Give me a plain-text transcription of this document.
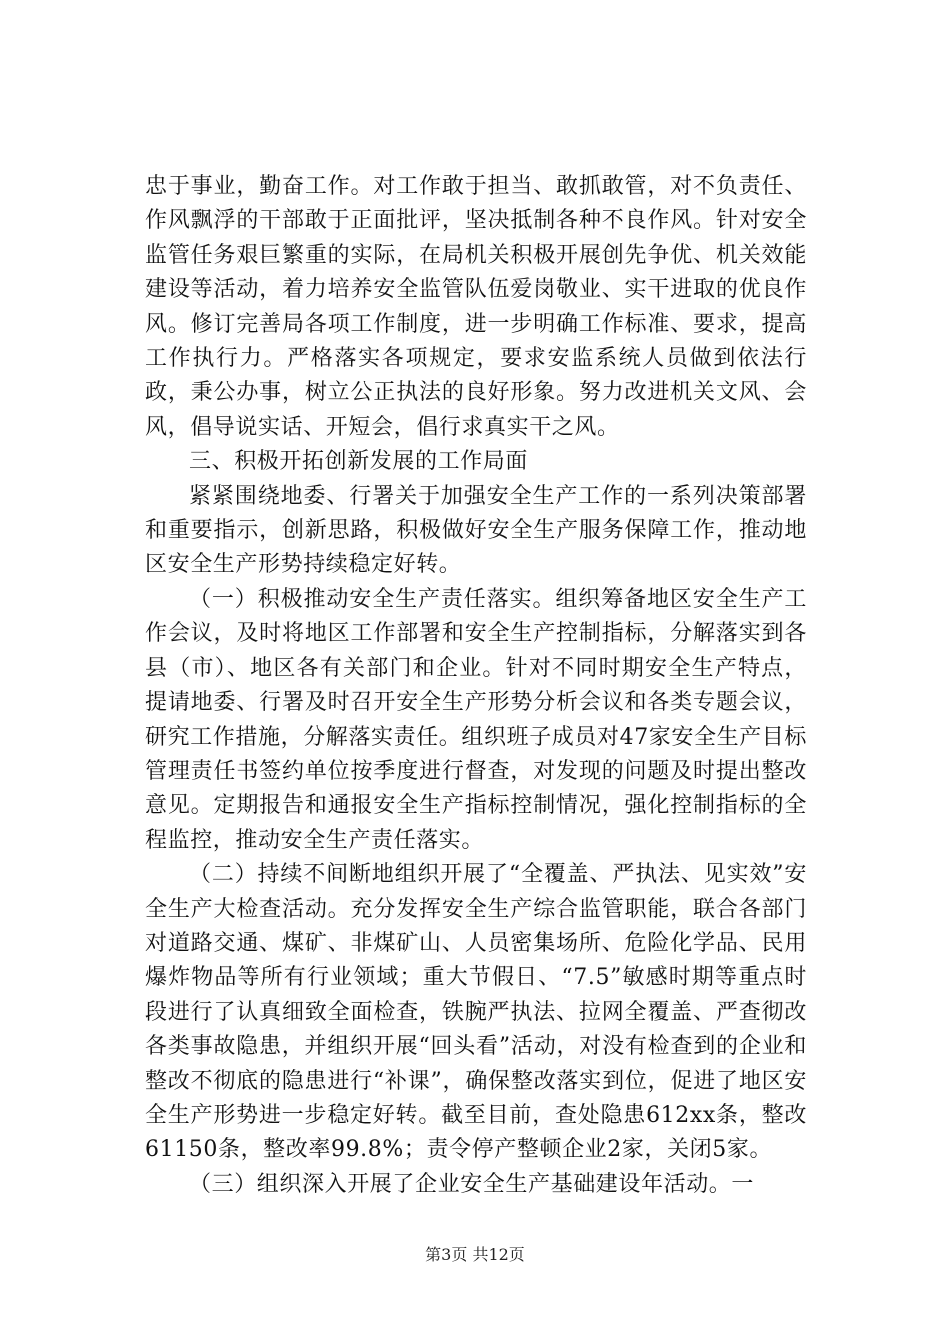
忠于事业，勤奋工作。对工作敢于担当、敢抓敢管，对不负责任、作风飘浮的干部敢于正面批评，坚决抵制各种不良作风。针对安全监管任务艰巨繁重的实际，在局机关积极开展创先争优、机关效能建设等活动，着力培养安全监管队伍爱岗敬业、实干进取的优良作风。修订完善局各项工作制度，进一步明确工作标准、要求，提高工作执行力。严格落实各项规定，要求安监系统人员做到依法行政，秉公办事，树立公正执法的良好形象。努力改进机关文风、会风，倡导说实话、开短会，倡行求真实干之风。

三、积极开拓创新发展的工作局面

紧紧围绕地委、行署关于加强安全生产工作的一系列决策部署和重要指示，创新思路，积极做好安全生产服务保障工作，推动地区安全生产形势持续稳定好转。

（一）积极推动安全生产责任落实。组织筹备地区安全生产工作会议，及时将地区工作部署和安全生产控制指标，分解落实到各县（市）、地区各有关部门和企业。针对不同时期安全生产特点，提请地委、行署及时召开安全生产形势分析会议和各类专题会议，研究工作措施，分解落实责任。组织班子成员对47家安全生产目标管理责任书签约单位按季度进行督查，对发现的问题及时提出整改意见。定期报告和通报安全生产指标控制情况，强化控制指标的全程监控，推动安全生产责任落实。

（二）持续不间断地组织开展了“全覆盖、严执法、见实效”安全生产大检查活动。充分发挥安全生产综合监管职能，联合各部门对道路交通、煤矿、非煤矿山、人员密集场所、危险化学品、民用爆炸物品等所有行业领域；重大节假日、“7.5”敏感时期等重点时段进行了认真细致全面检查，铁腕严执法、拉网全覆盖、严查彻改各类事故隐患，并组织开展“回头看”活动，对没有检查到的企业和整改不彻底的隐患进行“补课”，确保整改落实到位，促进了地区安全生产形势进一步稳定好转。截至目前，查处隐患612xx条，整改61150条，整改率99.8%；责令停产整顿企业2家，关闭5家。

（三）组织深入开展了企业安全生产基础建设年活动。一

第3页 共12页
